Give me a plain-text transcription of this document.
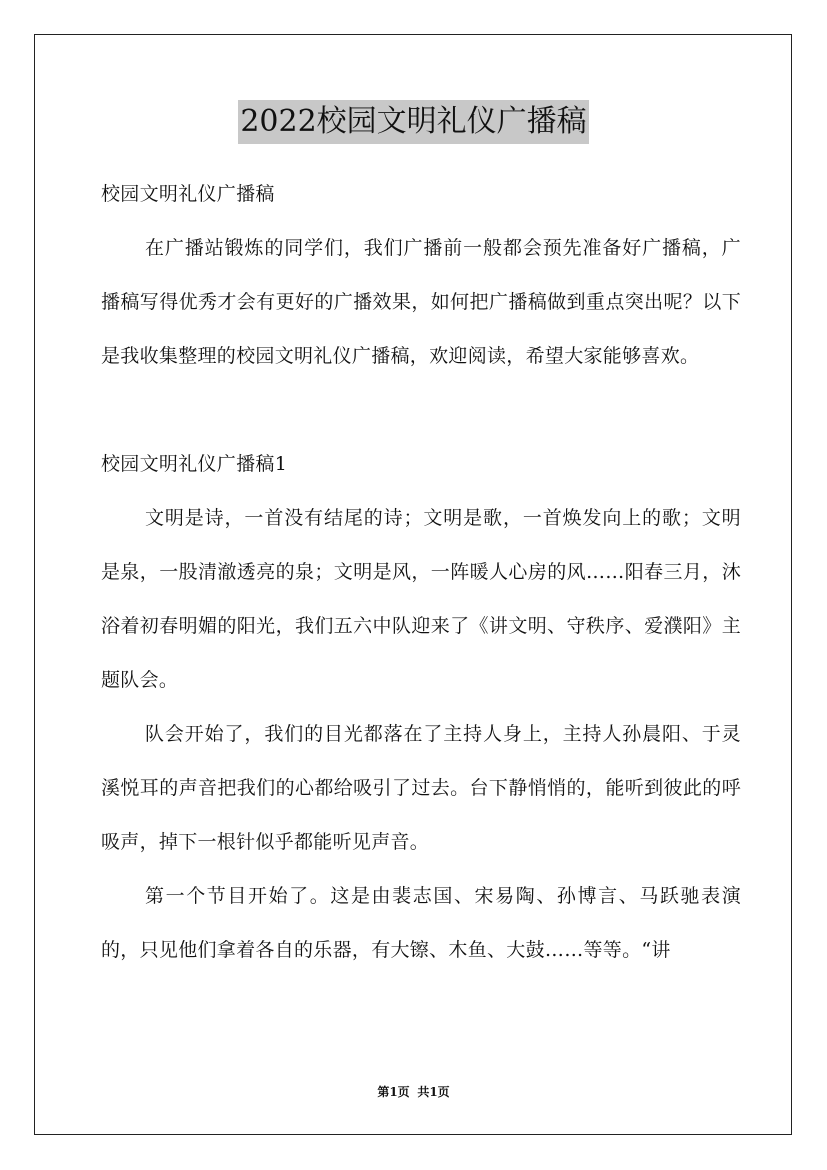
2022校园文明礼仪广播稿

校园文明礼仪广播稿

在广播站锻炼的同学们，我们广播前一般都会预先准备好广播稿，广播稿写得优秀才会有更好的广播效果，如何把广播稿做到重点突出呢？以下是我收集整理的校园文明礼仪广播稿，欢迎阅读，希望大家能够喜欢。

校园文明礼仪广播稿1

文明是诗，一首没有结尾的诗；文明是歌，一首焕发向上的歌；文明是泉，一股清澈透亮的泉；文明是风，一阵暖人心房的风……阳春三月，沐浴着初春明媚的阳光，我们五六中队迎来了《讲文明、守秩序、爱濮阳》主题队会。

队会开始了，我们的目光都落在了主持人身上，主持人孙晨阳、于灵溪悦耳的声音把我们的心都给吸引了过去。台下静悄悄的，能听到彼此的呼吸声，掉下一根针似乎都能听见声音。

第一个节目开始了。这是由裴志国、宋易陶、孙博言、马跃驰表演的，只见他们拿着各自的乐器，有大镲、木鱼、大鼓……等等。“讲

第1页 共1页
